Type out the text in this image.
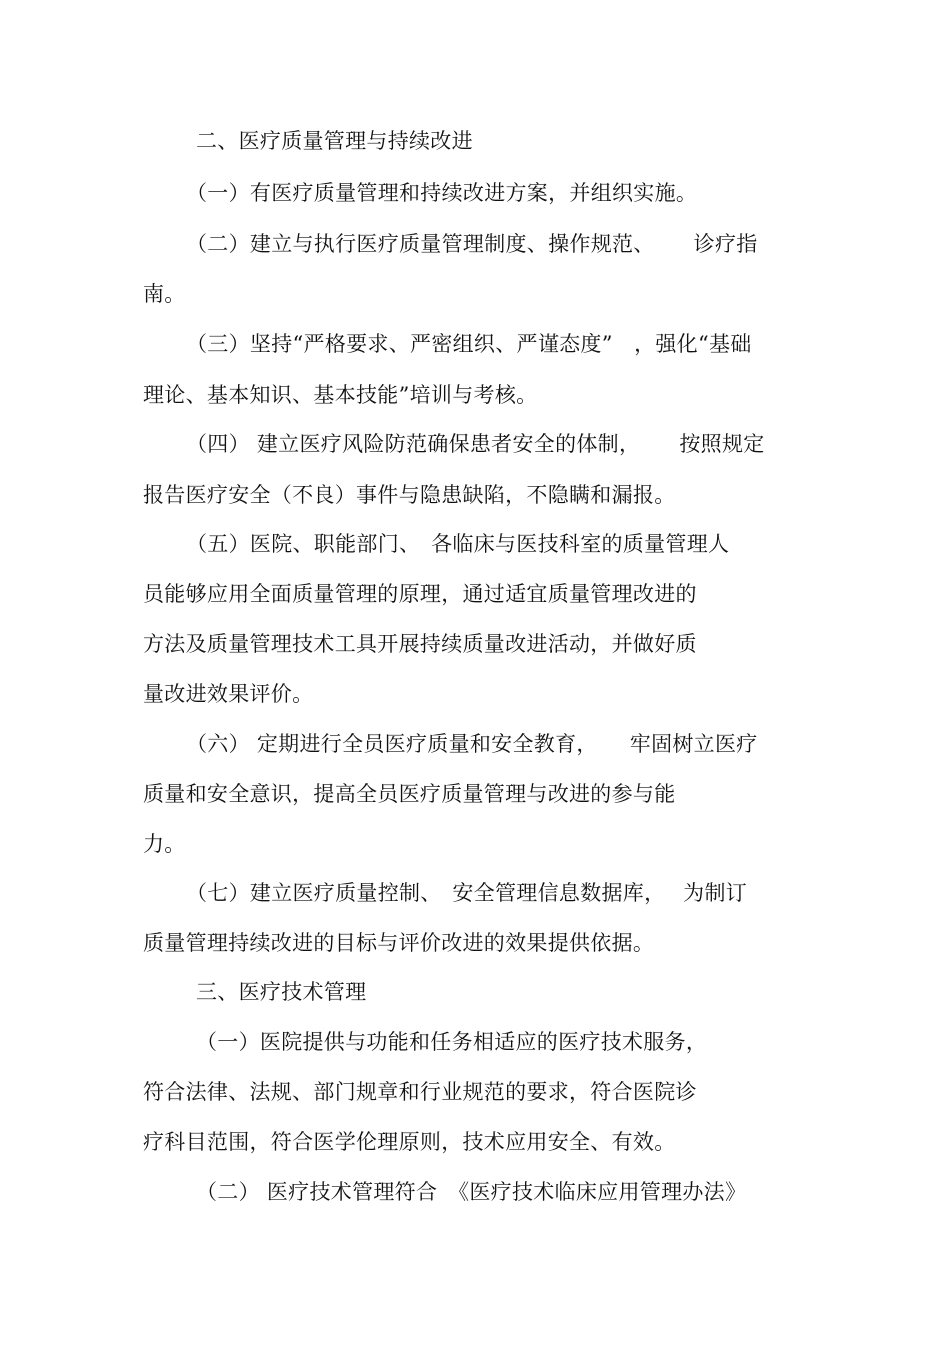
二、医疗质量管理与持续改进
（一）有医疗质量管理和持续改进方案，并组织实施。
（二）建立与执行医疗质量管理制度、操作规范、　　 诊疗指
南。
（三）坚持“严格要求、严密组织、严谨态度”　，强化“基础
理论、基本知识、基本技能”培训与考核。
（四） 建立医疗风险防范确保患者安全的体制，　　 按照规定
报告医疗安全（不良）事件与隐患缺陷，不隐瞒和漏报。
（五）医院、职能部门、　各临床与医技科室的质量管理人
员能够应用全面质量管理的原理，通过适宜质量管理改进的
方法及质量管理技术工具开展持续质量改进活动，并做好质
量改进效果评价。
（六） 定期进行全员医疗质量和安全教育，　　牢固树立医疗
质量和安全意识，提高全员医疗质量管理与改进的参与能
力。
（七）建立医疗质量控制、　安全管理信息数据库，　 为制订
质量管理持续改进的目标与评价改进的效果提供依据。
三、医疗技术管理
（一）医院提供与功能和任务相适应的医疗技术服务，
符合法律、法规、部门规章和行业规范的要求，符合医院诊
疗科目范围，符合医学伦理原则，技术应用安全、有效。
（二） 医疗技术管理符合　《医疗技术临床应用管理办法》
